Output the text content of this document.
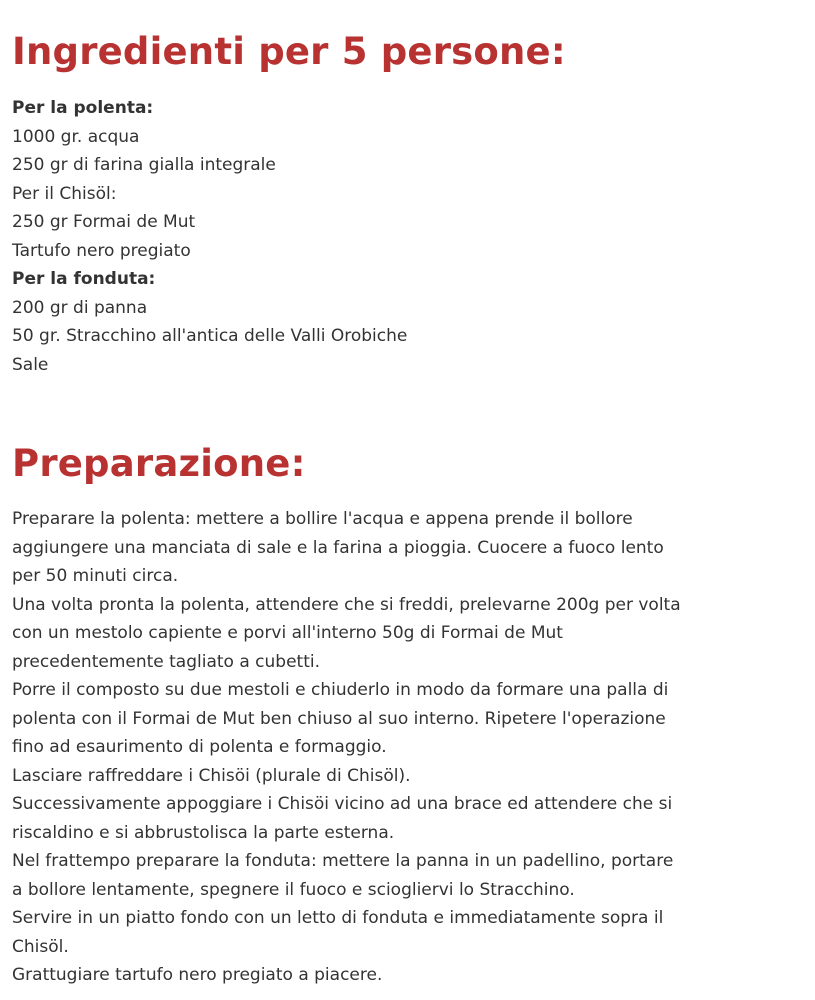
Ingredienti per 5 persone:
Per la polenta:
1000 gr. acqua
250 gr di farina gialla integrale
Per il Chisöl:
250 gr Formai de Mut
Tartufo nero pregiato
Per la fonduta:
200 gr di panna
50 gr. Stracchino all'antica delle Valli Orobiche
Sale
Preparazione:
Preparare la polenta: mettere a bollire l'acqua e appena prende il bollore
aggiungere una manciata di sale e la farina a pioggia. Cuocere a fuoco lento
per 50 minuti circa.
Una volta pronta la polenta, attendere che si freddi, prelevarne 200g per volta
con un mestolo capiente e porvi all'interno 50g di Formai de Mut
precedentemente tagliato a cubetti.
Porre il composto su due mestoli e chiuderlo in modo da formare una palla di
polenta con il Formai de Mut ben chiuso al suo interno. Ripetere l'operazione
fino ad esaurimento di polenta e formaggio.
Lasciare raffreddare i Chisöi (plurale di Chisöl).
Successivamente appoggiare i Chisöi vicino ad una brace ed attendere che si
riscaldino e si abbrustolisca la parte esterna.
Nel frattempo preparare la fonduta: mettere la panna in un padellino, portare
a bollore lentamente, spegnere il fuoco e sciogliervi lo Stracchino.
Servire in un piatto fondo con un letto di fonduta e immediatamente sopra il
Chisöl.
Grattugiare tartufo nero pregiato a piacere.
